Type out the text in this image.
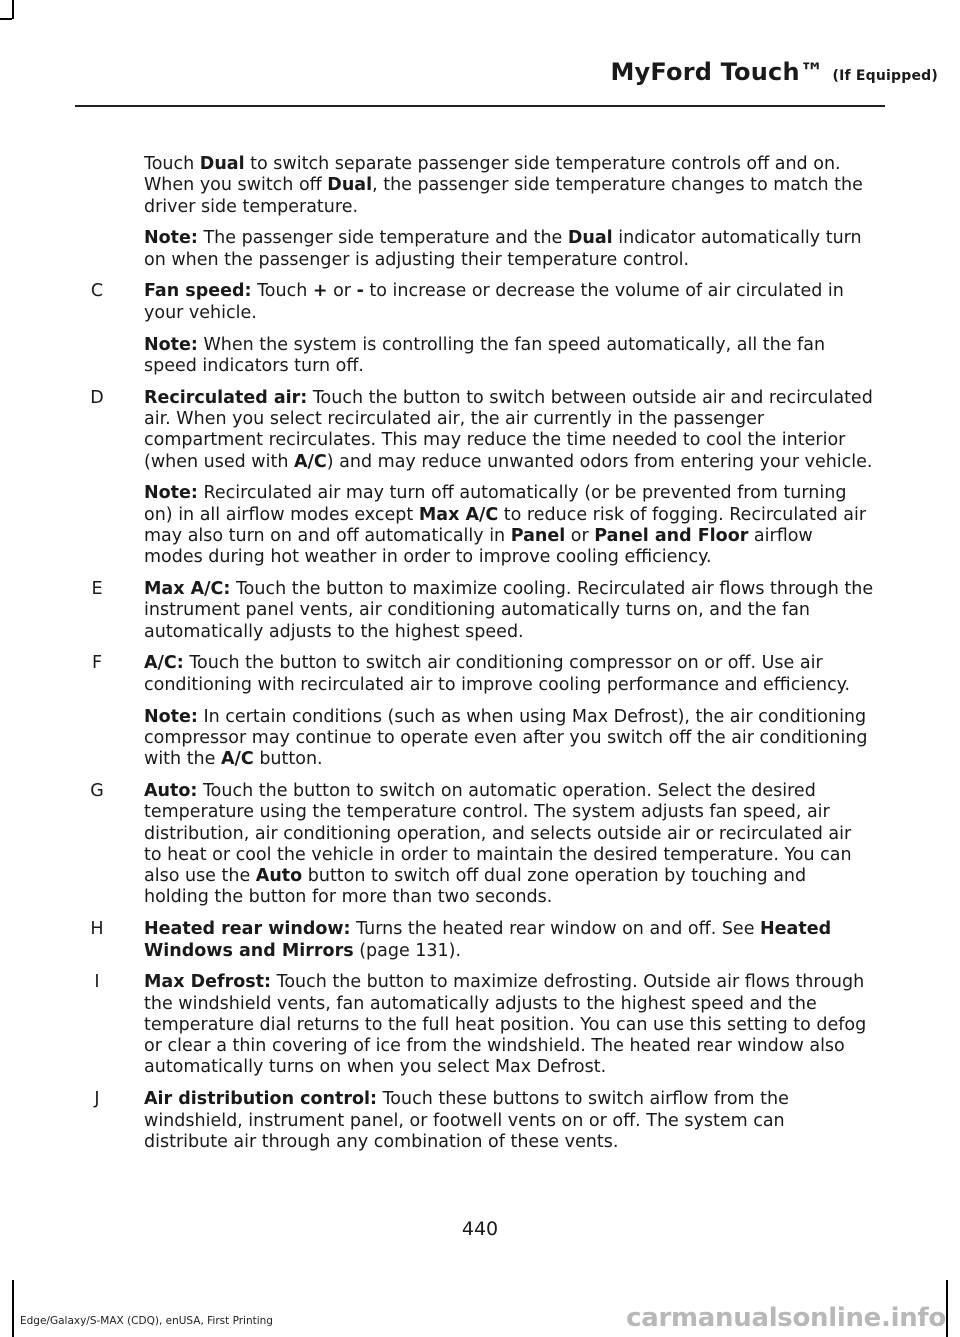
MyFord Touch™ (If Equipped)
Touch Dual to switch separate passenger side temperature controls off and on. When you switch off Dual, the passenger side temperature changes to match the driver side temperature.
Note: The passenger side temperature and the Dual indicator automatically turn on when the passenger is adjusting their temperature control.
C Fan speed: Touch + or - to increase or decrease the volume of air circulated in your vehicle.
Note: When the system is controlling the fan speed automatically, all the fan speed indicators turn off.
D Recirculated air: Touch the button to switch between outside air and recirculated air. When you select recirculated air, the air currently in the passenger compartment recirculates. This may reduce the time needed to cool the interior (when used with A/C) and may reduce unwanted odors from entering your vehicle.
Note: Recirculated air may turn off automatically (or be prevented from turning on) in all airflow modes except Max A/C to reduce risk of fogging. Recirculated air may also turn on and off automatically in Panel or Panel and Floor airflow modes during hot weather in order to improve cooling efficiency.
E Max A/C: Touch the button to maximize cooling. Recirculated air flows through the instrument panel vents, air conditioning automatically turns on, and the fan automatically adjusts to the highest speed.
F A/C: Touch the button to switch air conditioning compressor on or off. Use air conditioning with recirculated air to improve cooling performance and efficiency.
Note: In certain conditions (such as when using Max Defrost), the air conditioning compressor may continue to operate even after you switch off the air conditioning with the A/C button.
G Auto: Touch the button to switch on automatic operation. Select the desired temperature using the temperature control. The system adjusts fan speed, air distribution, air conditioning operation, and selects outside air or recirculated air to heat or cool the vehicle in order to maintain the desired temperature. You can also use the Auto button to switch off dual zone operation by touching and holding the button for more than two seconds.
H Heated rear window: Turns the heated rear window on and off. See Heated Windows and Mirrors (page 131).
I	Max Defrost: Touch the button to maximize defrosting. Outside air flows through the windshield vents, fan automatically adjusts to the highest speed and the temperature dial returns to the full heat position. You can use this setting to defog or clear a thin covering of ice from the windshield. The heated rear window also automatically turns on when you select Max Defrost.
J	Air distribution control: Touch these buttons to switch airflow from the windshield, instrument panel, or footwell vents on or off. The system can distribute air through any combination of these vents.
440
Edge/Galaxy/S-MAX (CDQ), enUSA, First Printing	carmanualsonline.info
